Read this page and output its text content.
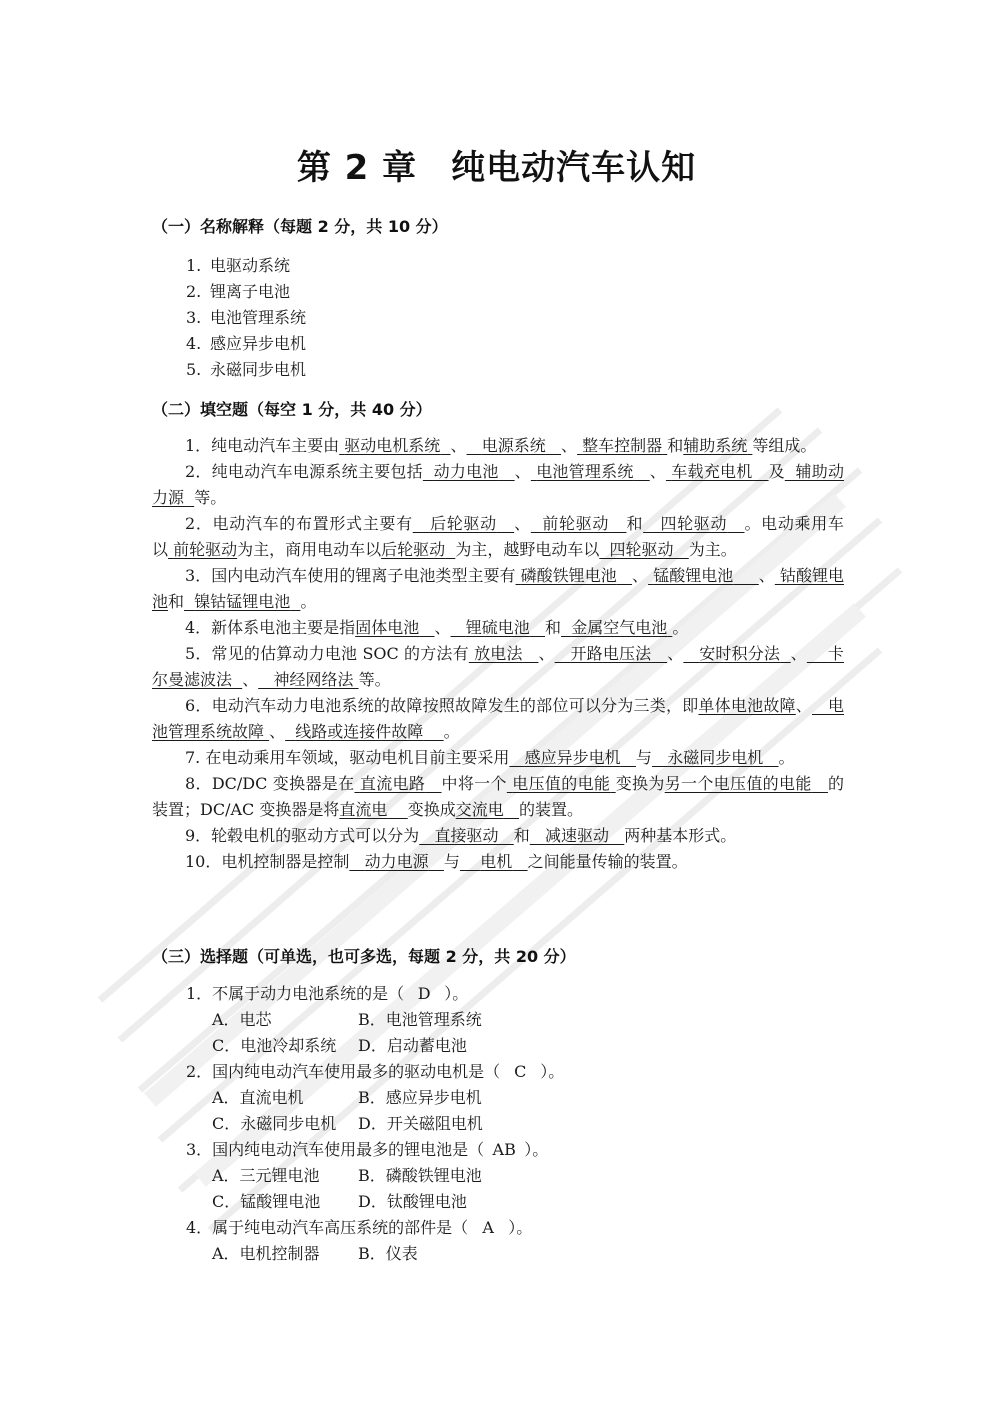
第 2 章 纯电动汽车认知
（一）名称解释（每题 2 分，共 10 分）
1. 电驱动系统
2. 锂离子电池
3. 电池管理系统
4. 感应异步电机
5. 永磁同步电机
（二）填空题（每空 1 分，共 40 分）

1．纯电动汽车主要由 驱动电机系统 、 电源系统 、 整车控制器 和辅助系统 等组成。

2．纯电动汽车电源系统主要包括 动力电池 、 电池管理系统 、 车载充电机 及 辅助动力源 等。

2．电动汽车的布置形式主要有 后轮驱动 、 前轮驱动 和 四轮驱动 。电动乘用车以 前轮驱动为主，商用电动车以后轮驱动 为主，越野电动车以 四轮驱动 为主。

3．国内电动汽车使用的锂离子电池类型主要有 磷酸铁锂电池 、 锰酸锂电池 、 钴酸锂电池和 镍钴锰锂电池 。

4．新体系电池主要是指固体电池 、 锂硫电池 和 金属空气电池 。

5．常见的估算动力电池 SOC 的方法有 放电法 、 开路电压法 、 安时积分法 、 卡尔曼滤波法 、 神经网络法 等。

6．电动汽车动力电池系统的故障按照故障发生的部位可以分为三类，即单体电池故障、 电池管理系统故障 、 线路或连接件故障 。

7. 在电动乘用车领域，驱动电机目前主要采用 感应异步电机 与 永磁同步电机 。

8．DC/DC 变换器是在 直流电路 中将一个 电压值的电能 变换为另一个电压值的电能 的装置；DC/AC 变换器是将直流电 变换成交流电 的装置。

9．轮毂电机的驱动方式可以分为 直接驱动 和 减速驱动 两种基本形式。

10．电机控制器是控制 动力电源 与 电机 之间能量传输的装置。

（三）选择题（可单选，也可多选，每题 2 分，共 20 分）

1．不属于动力电池系统的是（ D ）。

A．电芯	B．电池管理系统

C．电池冷却系统 D．启动蓄电池

2．国内纯电动汽车使用最多的驱动电机是（ C ）。

A．直流电机	B．感应异步电机

C．永磁同步电机 D．开关磁阻电机

3．国内纯电动汽车使用最多的锂电池是（ AB ）。

A．三元锂电池 B．磷酸铁锂电池

C．锰酸锂电池 D．钛酸锂电池

4．属于纯电动汽车高压系统的部件是（ A ）。

A．电机控制器 B．仪表
